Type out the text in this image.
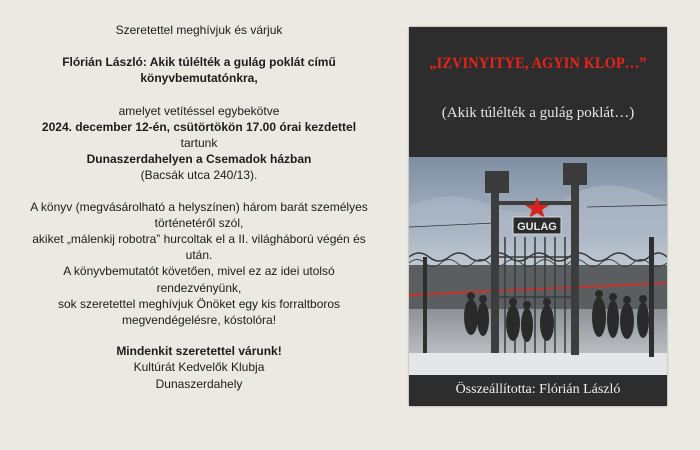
Szeretettel meghívjuk és várjuk

Flórián László: Akik túlélték a gulág poklát című

könyvbemutatónkra,

amelyet vetítéssel egybekötve

2024. december 12-én, csütörtökön 17.00 órai kezdettel

tartunk

Dunaszerdahelyen a Csemadok házban

(Bacsák utca 240/13).

A könyv (megvásárolható a helyszínen) három barát személyes

történetéről szól,

akiket „málenkij robotra” hurcoltak el a II. világháború végén és

után.

A könyvbemutatót követően, mivel ez az idei utolsó

rendezvényünk,

sok szeretettel meghívjuk Önöket egy kis forraltboros

megvendégelésre, kóstolóra!

Mindenkit szeretettel várunk!

Kultúrát Kedvelők Klubja

Dunaszerdahely

„IZVINYITYE, AGYIN KLOP…”
(Akik túlélték a gulág poklát…)
GULAG
Összeállította: Flórián László
